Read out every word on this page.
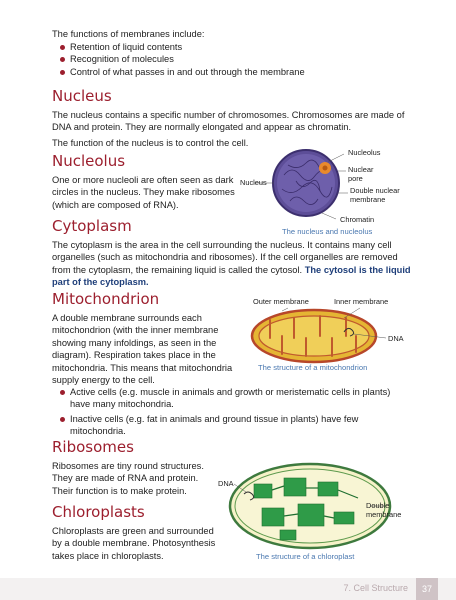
The functions of membranes include:

Retention of liquid contents
Recognition of molecules
Control of what passes in and out through the membrane
Nucleus

The nucleus contains a specific number of chromosomes. Chromosomes are made of DNA and protein. They are normally elongated and appear as chromatin.

The function of the nucleus is to control the cell.

Nucleolus

One or more nucleoli are often seen as dark circles in the nucleus. They make ribosomes (which are composed of RNA).

Nucleolus
Nuclear pore
Double nuclear membrane
Nucleus
Chromatin
The nucleus and nucleolus
Cytoplasm

The cytoplasm is the area in the cell surrounding the nucleus. It contains many cell organelles (such as mitochondria and ribosomes). If the cell organelles are removed from the cytoplasm, the remaining liquid is called the cytosol. The cytosol is the liquid part of the cytoplasm.

Mitochondrion

A double membrane surrounds each mitochondrion (with the inner membrane showing many infoldings, as seen in the diagram). Respiration takes place in the mitochondria. This means that mitochondria supply energy to the cell.

Active cells (e.g. muscle in animals and growth or meristematic cells in plants) have many mitochondria.
Inactive cells (e.g. fat in animals and ground tissue in plants) have few mitochondria.
Outer membrane	Inner membrane
DNA
The structure of a mitochondrion
Ribosomes

Ribosomes are tiny round structures. They are made of RNA and protein. Their function is to make protein.

Chloroplasts

Chloroplasts are green and surrounded by a double membrane. Photosynthesis takes place in chloroplasts.

DNA
Double membrane
The structure of a chloroplast
7. Cell Structure	37
